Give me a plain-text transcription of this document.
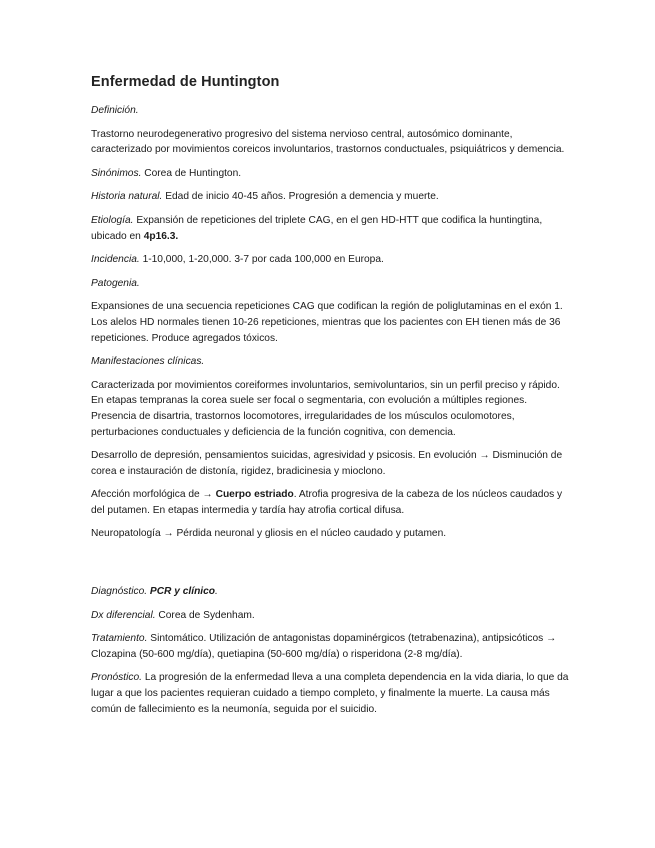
Enfermedad de Huntington

Definición.

Trastorno neurodegenerativo progresivo del sistema nervioso central, autosómico dominante, caracterizado por movimientos coreicos involuntarios, trastornos conductuales, psiquiátricos y demencia.

Sinónimos. Corea de Huntington.

Historia natural. Edad de inicio 40-45 años. Progresión a demencia y muerte.

Etiología. Expansión de repeticiones del triplete CAG, en el gen HD-HTT que codifica la huntingtina, ubicado en 4p16.3.

Incidencia. 1-10,000, 1-20,000. 3-7 por cada 100,000 en Europa.

Patogenia.

Expansiones de una secuencia repeticiones CAG que codifican la región de poliglutaminas en el exón 1. Los alelos HD normales tienen 10-26 repeticiones, mientras que los pacientes con EH tienen más de 36 repeticiones. Produce agregados tóxicos.

Manifestaciones clínicas.

Caracterizada por movimientos coreiformes involuntarios, semivoluntarios, sin un perfil preciso y rápido. En etapas tempranas la corea suele ser focal o segmentaria, con evolución a múltiples regiones. Presencia de disartria, trastornos locomotores, irregularidades de los músculos oculomotores, perturbaciones conductuales y deficiencia de la función cognitiva, con demencia.

Desarrollo de depresión, pensamientos suicidas, agresividad y psicosis. En evolución → Disminución de corea e instauración de distonía, rigidez, bradicinesia y mioclono.

Afección morfológica de → Cuerpo estriado. Atrofia progresiva de la cabeza de los núcleos caudados y del putamen. En etapas intermedia y tardía hay atrofia cortical difusa.

Neuropatología → Pérdida neuronal y gliosis en el núcleo caudado y putamen.

Diagnóstico. PCR y clínico.

Dx diferencial. Corea de Sydenham.

Tratamiento. Sintomático. Utilización de antagonistas dopaminérgicos (tetrabenazina), antipsicóticos → Clozapina (50-600 mg/día), quetiapina (50-600 mg/día) o risperidona (2-8 mg/día).

Pronóstico. La progresión de la enfermedad lleva a una completa dependencia en la vida diaria, lo que da lugar a que los pacientes requieran cuidado a tiempo completo, y finalmente la muerte. La causa más común de fallecimiento es la neumonía, seguida por el suicidio.
